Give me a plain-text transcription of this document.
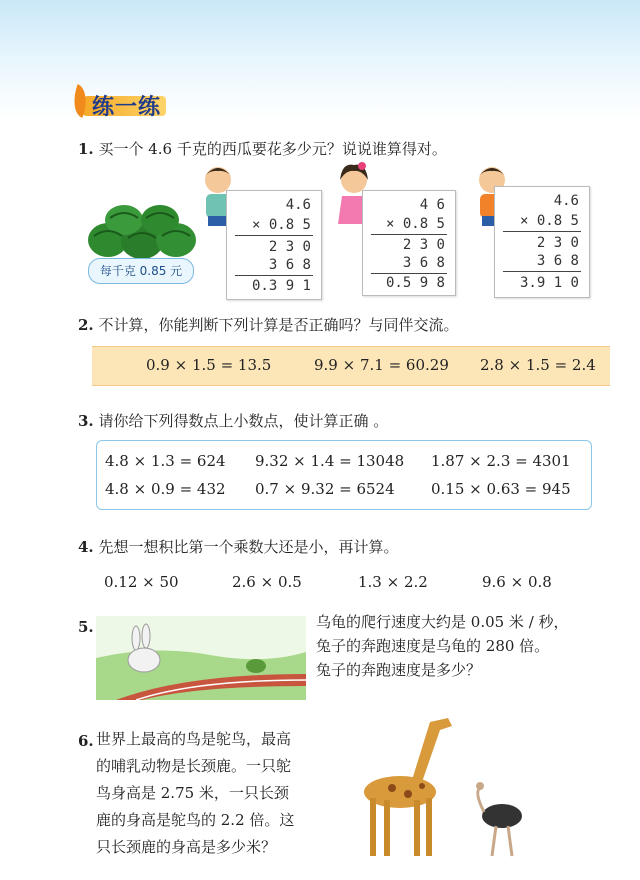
练一练
1. 买一个 4.6 千克的西瓜要花多少元？说说谁算得对。
每千克 0.85 元
4.6
× 0.8 5
2 3 0
3 6 8
0.3 9 1
4 6
× 0.8 5
2 3 0
3 6 8
0.5 9 8
4.6
× 0.8 5
2 3 0
3 6 8
3.9 1 0
2. 不计算，你能判断下列计算是否正确吗？与同伴交流。
0.9 × 1.5 = 13.5	9.9 × 7.1 = 60.29 2.8 × 1.5 = 2.4
3. 请你给下列得数点上小数点，使计算正确 。
4.8 × 1.3 = 624 9.32 × 1.4 = 13048 1.87 × 2.3 = 4301
4.8 × 0.9 = 432 0.7 × 9.32 = 6524 0.15 × 0.63 = 945
4. 先想一想积比第一个乘数大还是小，再计算。
0.12 × 50	2.6 × 0.5	1.3 × 2.2	9.6 × 0.8
5.	乌龟的爬行速度大约是 0.05 米 / 秒，
兔子的奔跑速度是乌龟的 280 倍。
兔子的奔跑速度是多少？
6. 世界上最高的鸟是鸵鸟，最高
的哺乳动物是长颈鹿。一只鸵
鸟身高是 2.75 米，一只长颈
鹿的身高是鸵鸟的 2.2 倍。这
只长颈鹿的身高是多少米？
